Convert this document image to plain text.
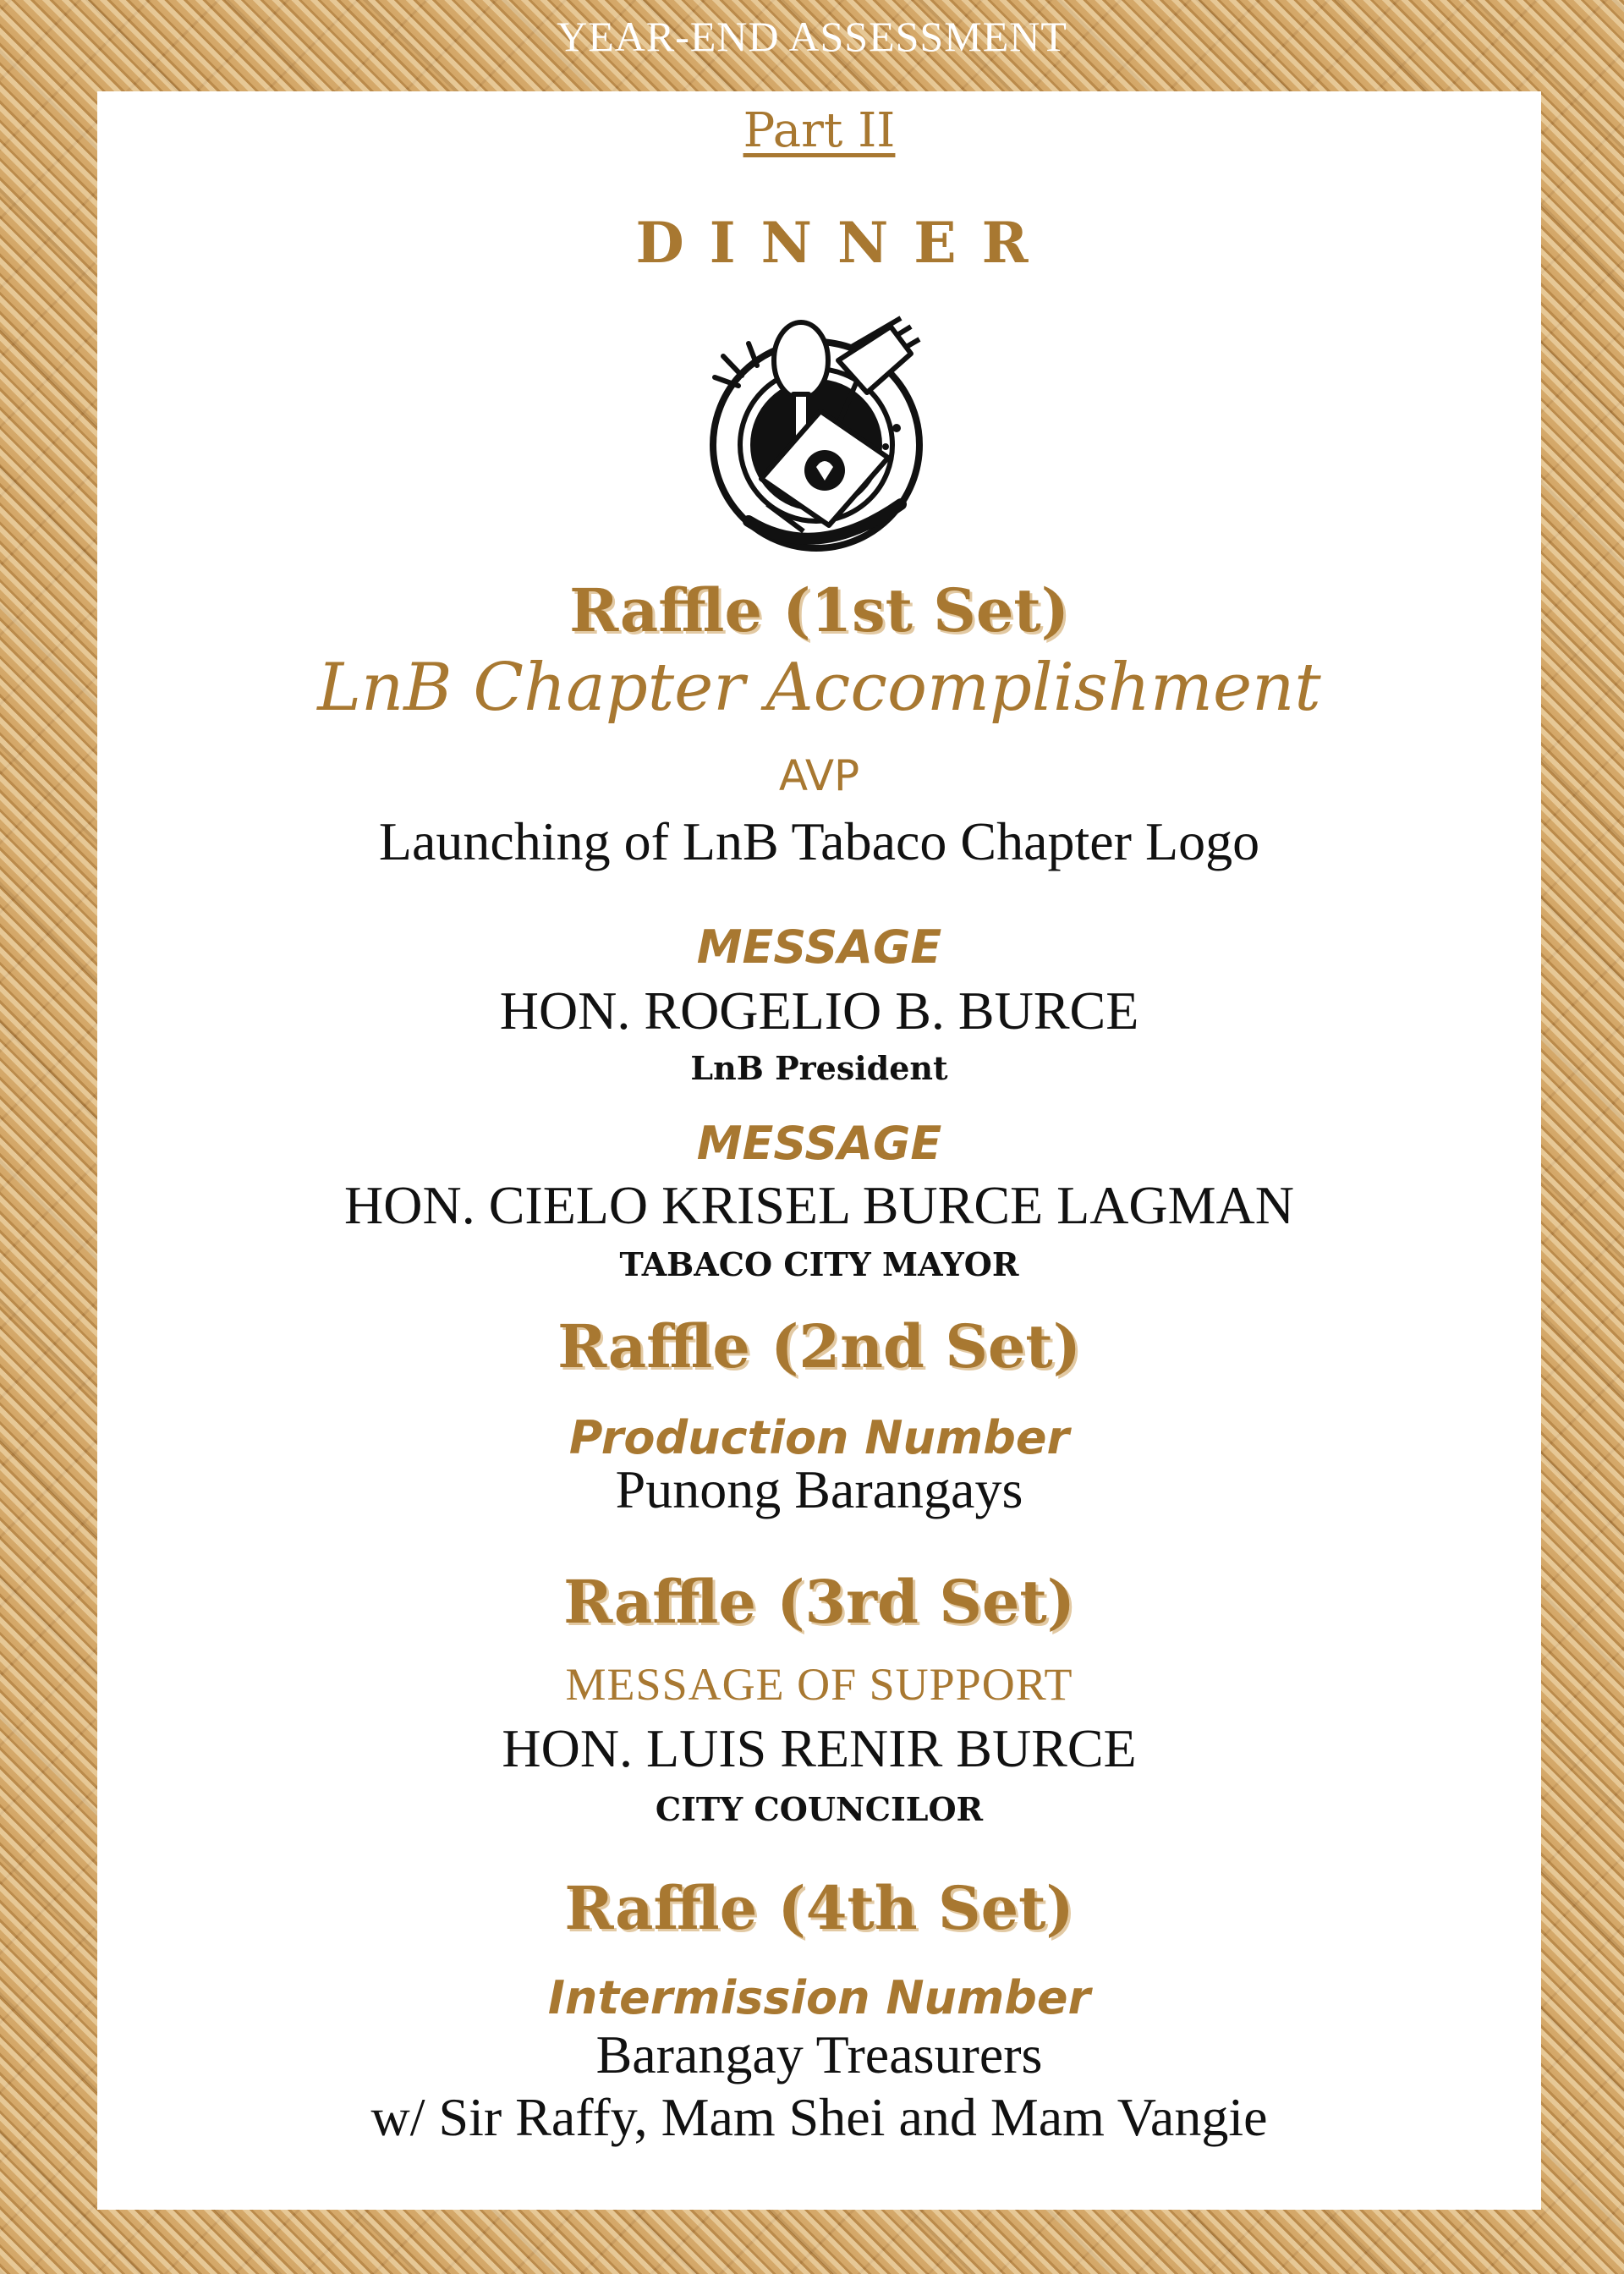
YEAR-END ASSESSMENT
Part II
DINNER
Raffle (1st Set)
LnB Chapter Accomplishment
AVP
Launching of LnB Tabaco Chapter Logo
MESSAGE
HON. ROGELIO B. BURCE
LnB President
MESSAGE
HON. CIELO KRISEL BURCE LAGMAN
TABACO CITY MAYOR
Raffle (2nd Set)
Production Number
Punong Barangays
Raffle (3rd Set)
MESSAGE OF SUPPORT
HON. LUIS RENIR BURCE
CITY COUNCILOR
Raffle (4th Set)
Intermission Number
Barangay Treasurers
w/ Sir Raffy, Mam Shei and Mam Vangie
